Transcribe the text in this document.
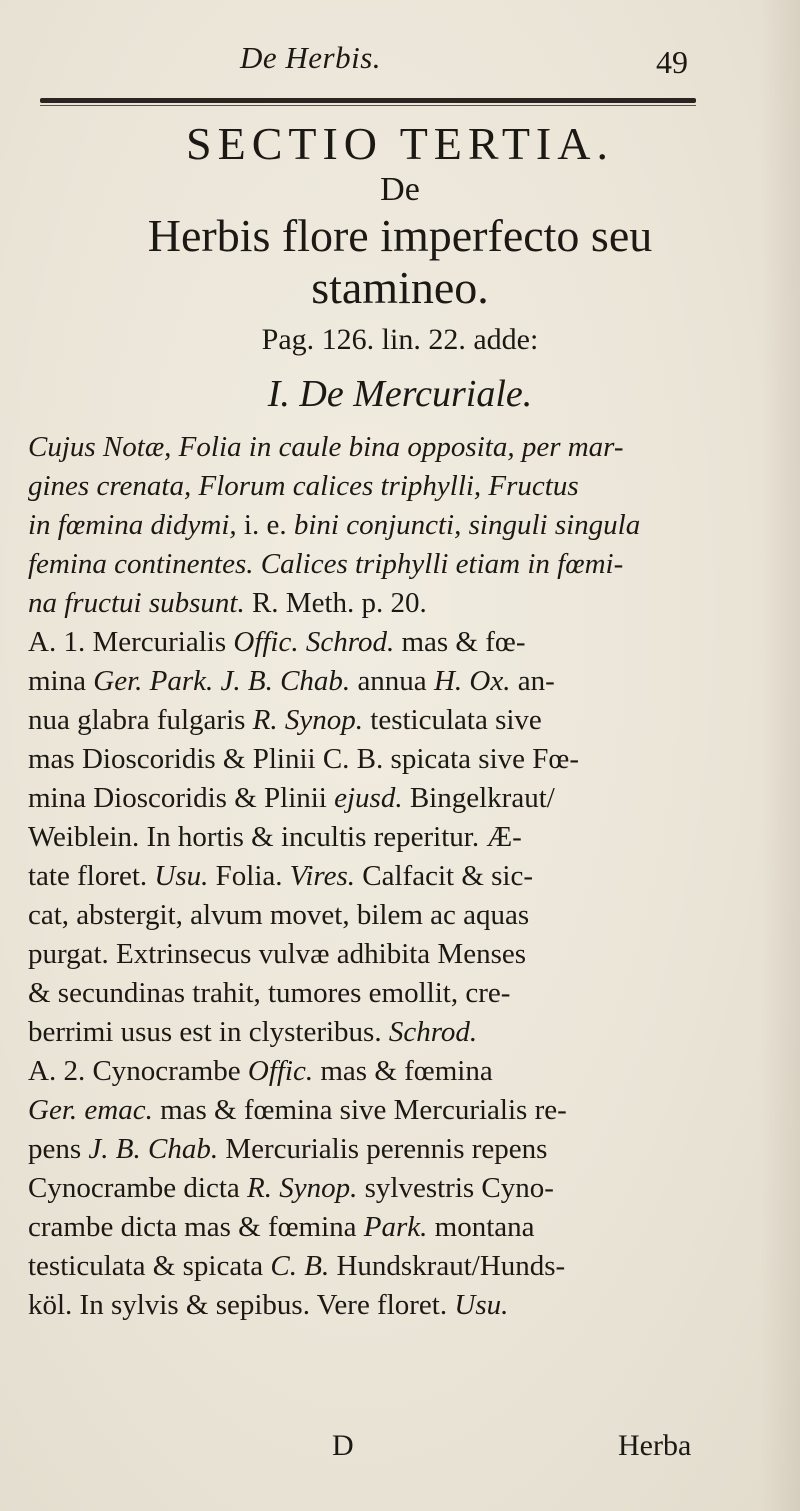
De Herbis.	49
SECTIO TERTIA.
De
Herbis flore imperfecto seu
stamineo.
Pag. 126. lin. 22. adde:
I. De Mercuriale.
Cujus Notæ, Folia in caule bina opposita, per mar-
gines crenata, Florum calices triphylli, Fructus
in fœmina didymi, i. e. bini conjuncti, singuli singula
femina continentes. Calices triphylli etiam in fœmi-
na fructui subsunt. R. Meth. p. 20.
A. 1. Mercurialis Offic. Schrod. mas & fœ-
mina Ger. Park. J. B. Chab. annua H. Ox. an-
nua glabra fulgaris R. Synop. testiculata sive
mas Dioscoridis & Plinii C. B. spicata sive Fœ-
mina Dioscoridis & Plinii ejusd. Bingelkraut/
Weiblein. In hortis & incultis reperitur. Æ-
tate floret. Usu. Folia. Vires. Calfacit & sic-
cat, abstergit, alvum movet, bilem ac aquas
purgat. Extrinsecus vulvæ adhibita Menses
& secundinas trahit, tumores emollit, cre-
berrimi usus est in clysteribus. Schrod.
A. 2. Cynocrambe Offic. mas & fœmina
Ger. emac. mas & fœmina sive Mercurialis re-
pens J. B. Chab. Mercurialis perennis repens
Cynocrambe dicta R. Synop. sylvestris Cyno-
crambe dicta mas & fœmina Park. montana
testiculata & spicata C. B. Hundskraut/Hunds-
köl. In sylvis & sepibus. Vere floret. Usu.
D	Herba
